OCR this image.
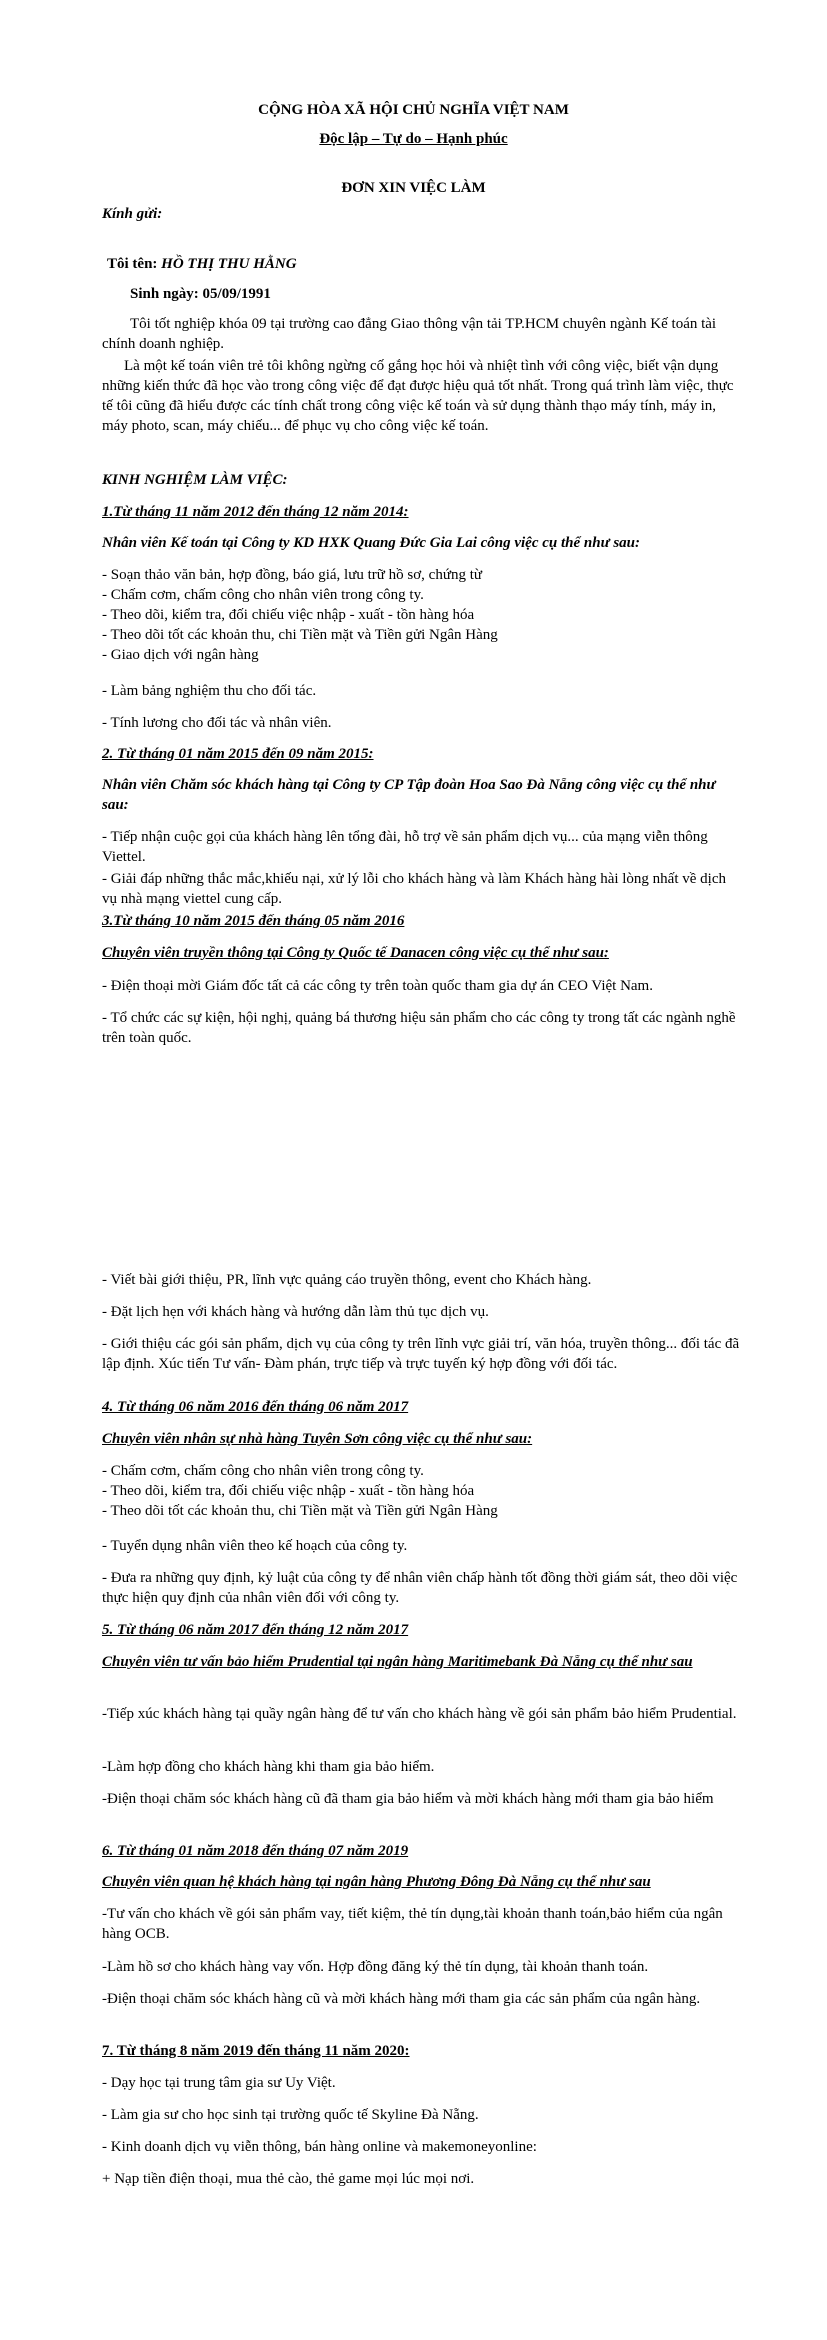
CỘNG HÒA XÃ HỘI CHỦ NGHĨA VIỆT NAM

Độc lập – Tự do – Hạnh phúc

ĐƠN XIN VIỆC LÀM

Kính gửi:

Tôi tên: HỒ THỊ THU HẰNG

Sinh ngày: 05/09/1991

Tôi tốt nghiệp khóa 09 tại trường cao đẳng Giao thông vận tải TP.HCM chuyên ngành Kế toán tài chính doanh nghiệp.

Là một kế toán viên trẻ tôi không ngừng cố gắng học hỏi và nhiệt tình với công việc, biết vận dụng những kiến thức đã học vào trong công việc để đạt được hiệu quả tốt nhất. Trong quá trình làm việc, thực tế tôi cũng đã hiểu được các tính chất trong công việc kế toán và sử dụng thành thạo máy tính, máy in, máy photo, scan, máy chiếu... để phục vụ cho công việc kế toán.

KINH NGHIỆM LÀM VIỆC:

1.Từ tháng 11 năm 2012 đến tháng 12 năm 2014:

Nhân viên Kế toán tại Công ty KD HXK Quang Đức Gia Lai công việc cụ thể như sau:

- Soạn thảo văn bản, hợp đồng, báo giá, lưu trữ hồ sơ, chứng từ
- Chấm cơm, chấm công cho nhân viên trong công ty.
- Theo dõi, kiểm tra, đối chiếu việc nhập - xuất - tồn hàng hóa
- Theo dõi tốt các khoản thu, chi Tiền mặt và Tiền gửi Ngân Hàng
- Giao dịch với ngân hàng

- Làm bảng nghiệm thu cho đối tác.

- Tính lương cho đối tác và nhân viên.

2. Từ tháng 01 năm 2015 đến 09 năm 2015:

Nhân viên Chăm sóc khách hàng tại Công ty CP Tập đoàn Hoa Sao Đà Nẵng công việc cụ thể như sau:

- Tiếp nhận cuộc gọi của khách hàng lên tổng đài, hỗ trợ về sản phẩm dịch vụ... của mạng viễn thông Viettel.

- Giải đáp những thắc mắc,khiếu nại, xử lý lỗi cho khách hàng và làm Khách hàng hài lòng nhất về dịch vụ nhà mạng viettel cung cấp.

3.Từ tháng 10 năm 2015 đến tháng 05 năm 2016

Chuyên viên truyền thông tại Công ty Quốc tế Danacen công việc cụ thể như sau:

- Điện thoại mời Giám đốc tất cả các công ty trên toàn quốc tham gia dự án CEO Việt Nam.

- Tổ chức các sự kiện, hội nghị, quảng bá thương hiệu sản phẩm cho các công ty trong tất các ngành nghề trên toàn quốc.

- Viết bài giới thiệu, PR, lĩnh vực quảng cáo truyền thông, event cho Khách hàng.

- Đặt lịch hẹn với khách hàng và hướng dẫn làm thủ tục dịch vụ.

- Giới thiệu các gói sản phẩm, dịch vụ của công ty trên lĩnh vực giải trí, văn hóa, truyền thông... đối tác đã lập định. Xúc tiến Tư vấn- Đàm phán, trực tiếp và trực tuyến ký hợp đồng với đối tác.

4. Từ tháng 06 năm 2016 đến tháng 06 năm 2017

Chuyên viên nhân sự nhà hàng Tuyên Sơn công việc cụ thể như sau:

- Chấm cơm, chấm công cho nhân viên trong công ty.
- Theo dõi, kiểm tra, đối chiếu việc nhập - xuất - tồn hàng hóa
- Theo dõi tốt các khoản thu, chi Tiền mặt và Tiền gửi Ngân Hàng

- Tuyển dụng nhân viên theo kế hoạch của công ty.

- Đưa ra những quy định, kỷ luật của công ty để nhân viên chấp hành tốt đồng thời giám sát, theo dõi việc thực hiện quy định của nhân viên đối với công ty.

5. Từ tháng 06 năm 2017 đến tháng 12 năm 2017

Chuyên viên tư vấn bảo hiểm Prudential tại ngân hàng Maritimebank Đà Nẵng cụ thể như sau

-Tiếp xúc khách hàng tại quầy ngân hàng để tư vấn cho khách hàng về gói sản phẩm bảo hiểm Prudential.

-Làm hợp đồng cho khách hàng khi tham gia bảo hiểm.

-Điện thoại chăm sóc khách hàng cũ đã tham gia bảo hiểm và mời khách hàng mới tham gia bảo hiểm

6. Từ tháng 01 năm 2018 đến tháng 07 năm 2019

Chuyên viên quan hệ khách hàng tại ngân hàng Phương Đông Đà Nẵng cụ thể như sau

-Tư vấn cho khách về gói sản phẩm vay, tiết kiệm, thẻ tín dụng,tài khoản thanh toán,bảo hiểm của ngân hàng OCB.

-Làm hồ sơ cho khách hàng vay vốn. Hợp đồng đăng ký thẻ tín dụng, tài khoản thanh toán.

-Điện thoại chăm sóc khách hàng cũ và mời khách hàng mới tham gia các sản phẩm của ngân hàng.

7. Từ tháng 8 năm 2019 đến tháng 11 năm 2020:

- Dạy học tại trung tâm gia sư Uy Việt.

- Làm gia sư cho học sinh tại trường quốc tế Skyline Đà Nẵng.

- Kinh doanh dịch vụ viễn thông, bán hàng online và makemoneyonline:

+ Nạp tiền điện thoại, mua thẻ cào, thẻ game mọi lúc mọi nơi.
